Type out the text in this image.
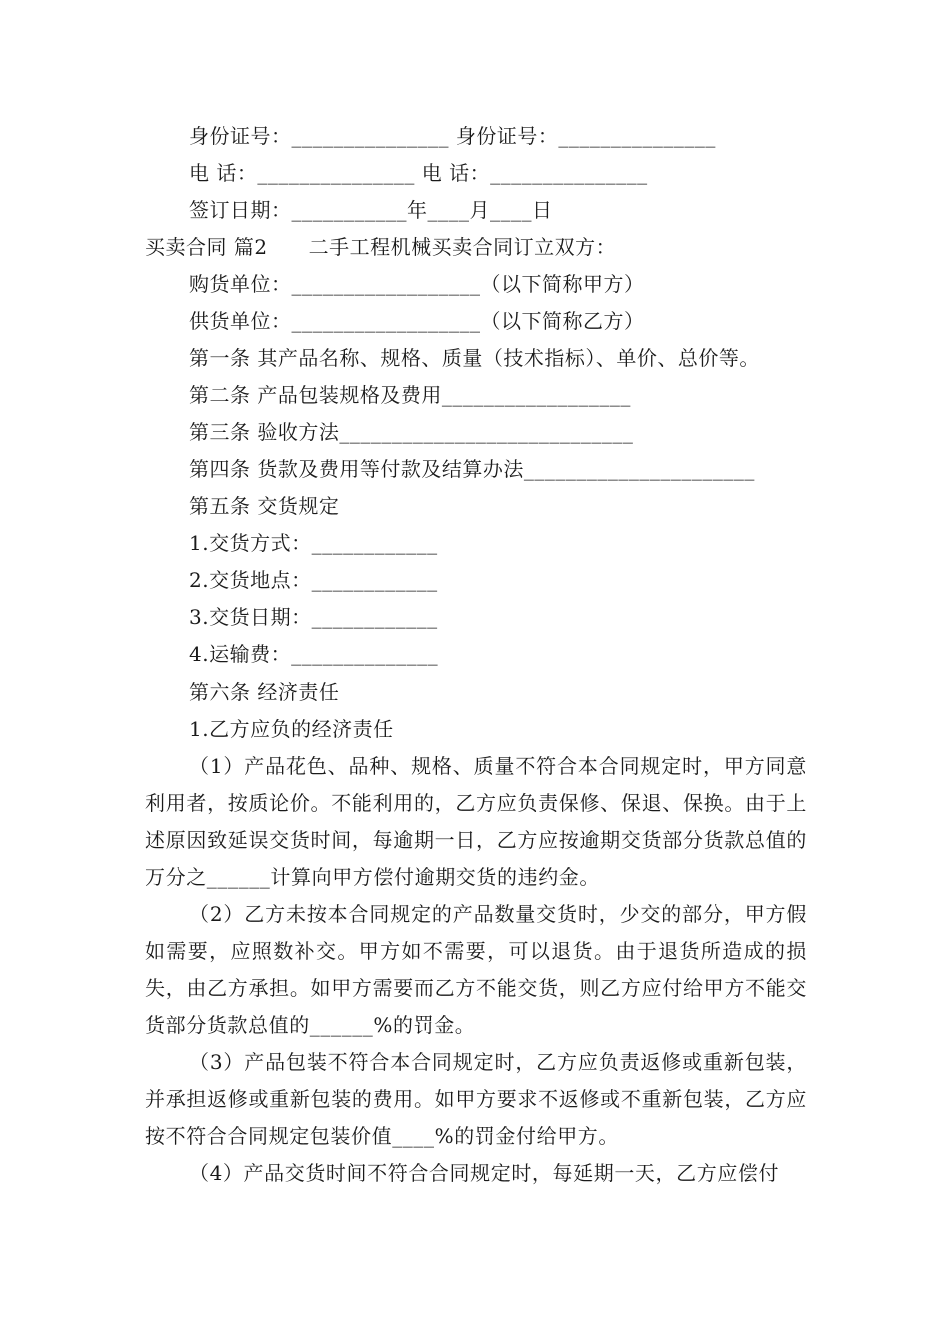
身份证号：_______________ 身份证号：_______________
电 话：_______________ 电 话：_______________
签订日期：___________年____月____日
买卖合同 篇2　　二手工程机械买卖合同订立双方：
购货单位：__________________（以下简称甲方）
供货单位：__________________（以下简称乙方）
第一条 其产品名称、规格、质量（技术指标）、单价、总价等。
第二条 产品包装规格及费用__________________
第三条 验收方法____________________________
第四条 货款及费用等付款及结算办法______________________
第五条 交货规定
1.交货方式：____________
2.交货地点：____________
3.交货日期：____________
4.运输费：______________
第六条 经济责任
1.乙方应负的经济责任

（1）产品花色、品种、规格、质量不符合本合同规定时，甲方同意利用者，按质论价。不能利用的，乙方应负责保修、保退、保换。由于上述原因致延误交货时间，每逾期一日，乙方应按逾期交货部分货款总值的万分之______计算向甲方偿付逾期交货的违约金。

（2）乙方未按本合同规定的产品数量交货时，少交的部分，甲方假如需要，应照数补交。甲方如不需要，可以退货。由于退货所造成的损失，由乙方承担。如甲方需要而乙方不能交货，则乙方应付给甲方不能交货部分货款总值的______%的罚金。

（3）产品包装不符合本合同规定时，乙方应负责返修或重新包装，并承担返修或重新包装的费用。如甲方要求不返修或不重新包装，乙方应按不符合合同规定包装价值____%的罚金付给甲方。

（4）产品交货时间不符合合同规定时，每延期一天，乙方应偿付
